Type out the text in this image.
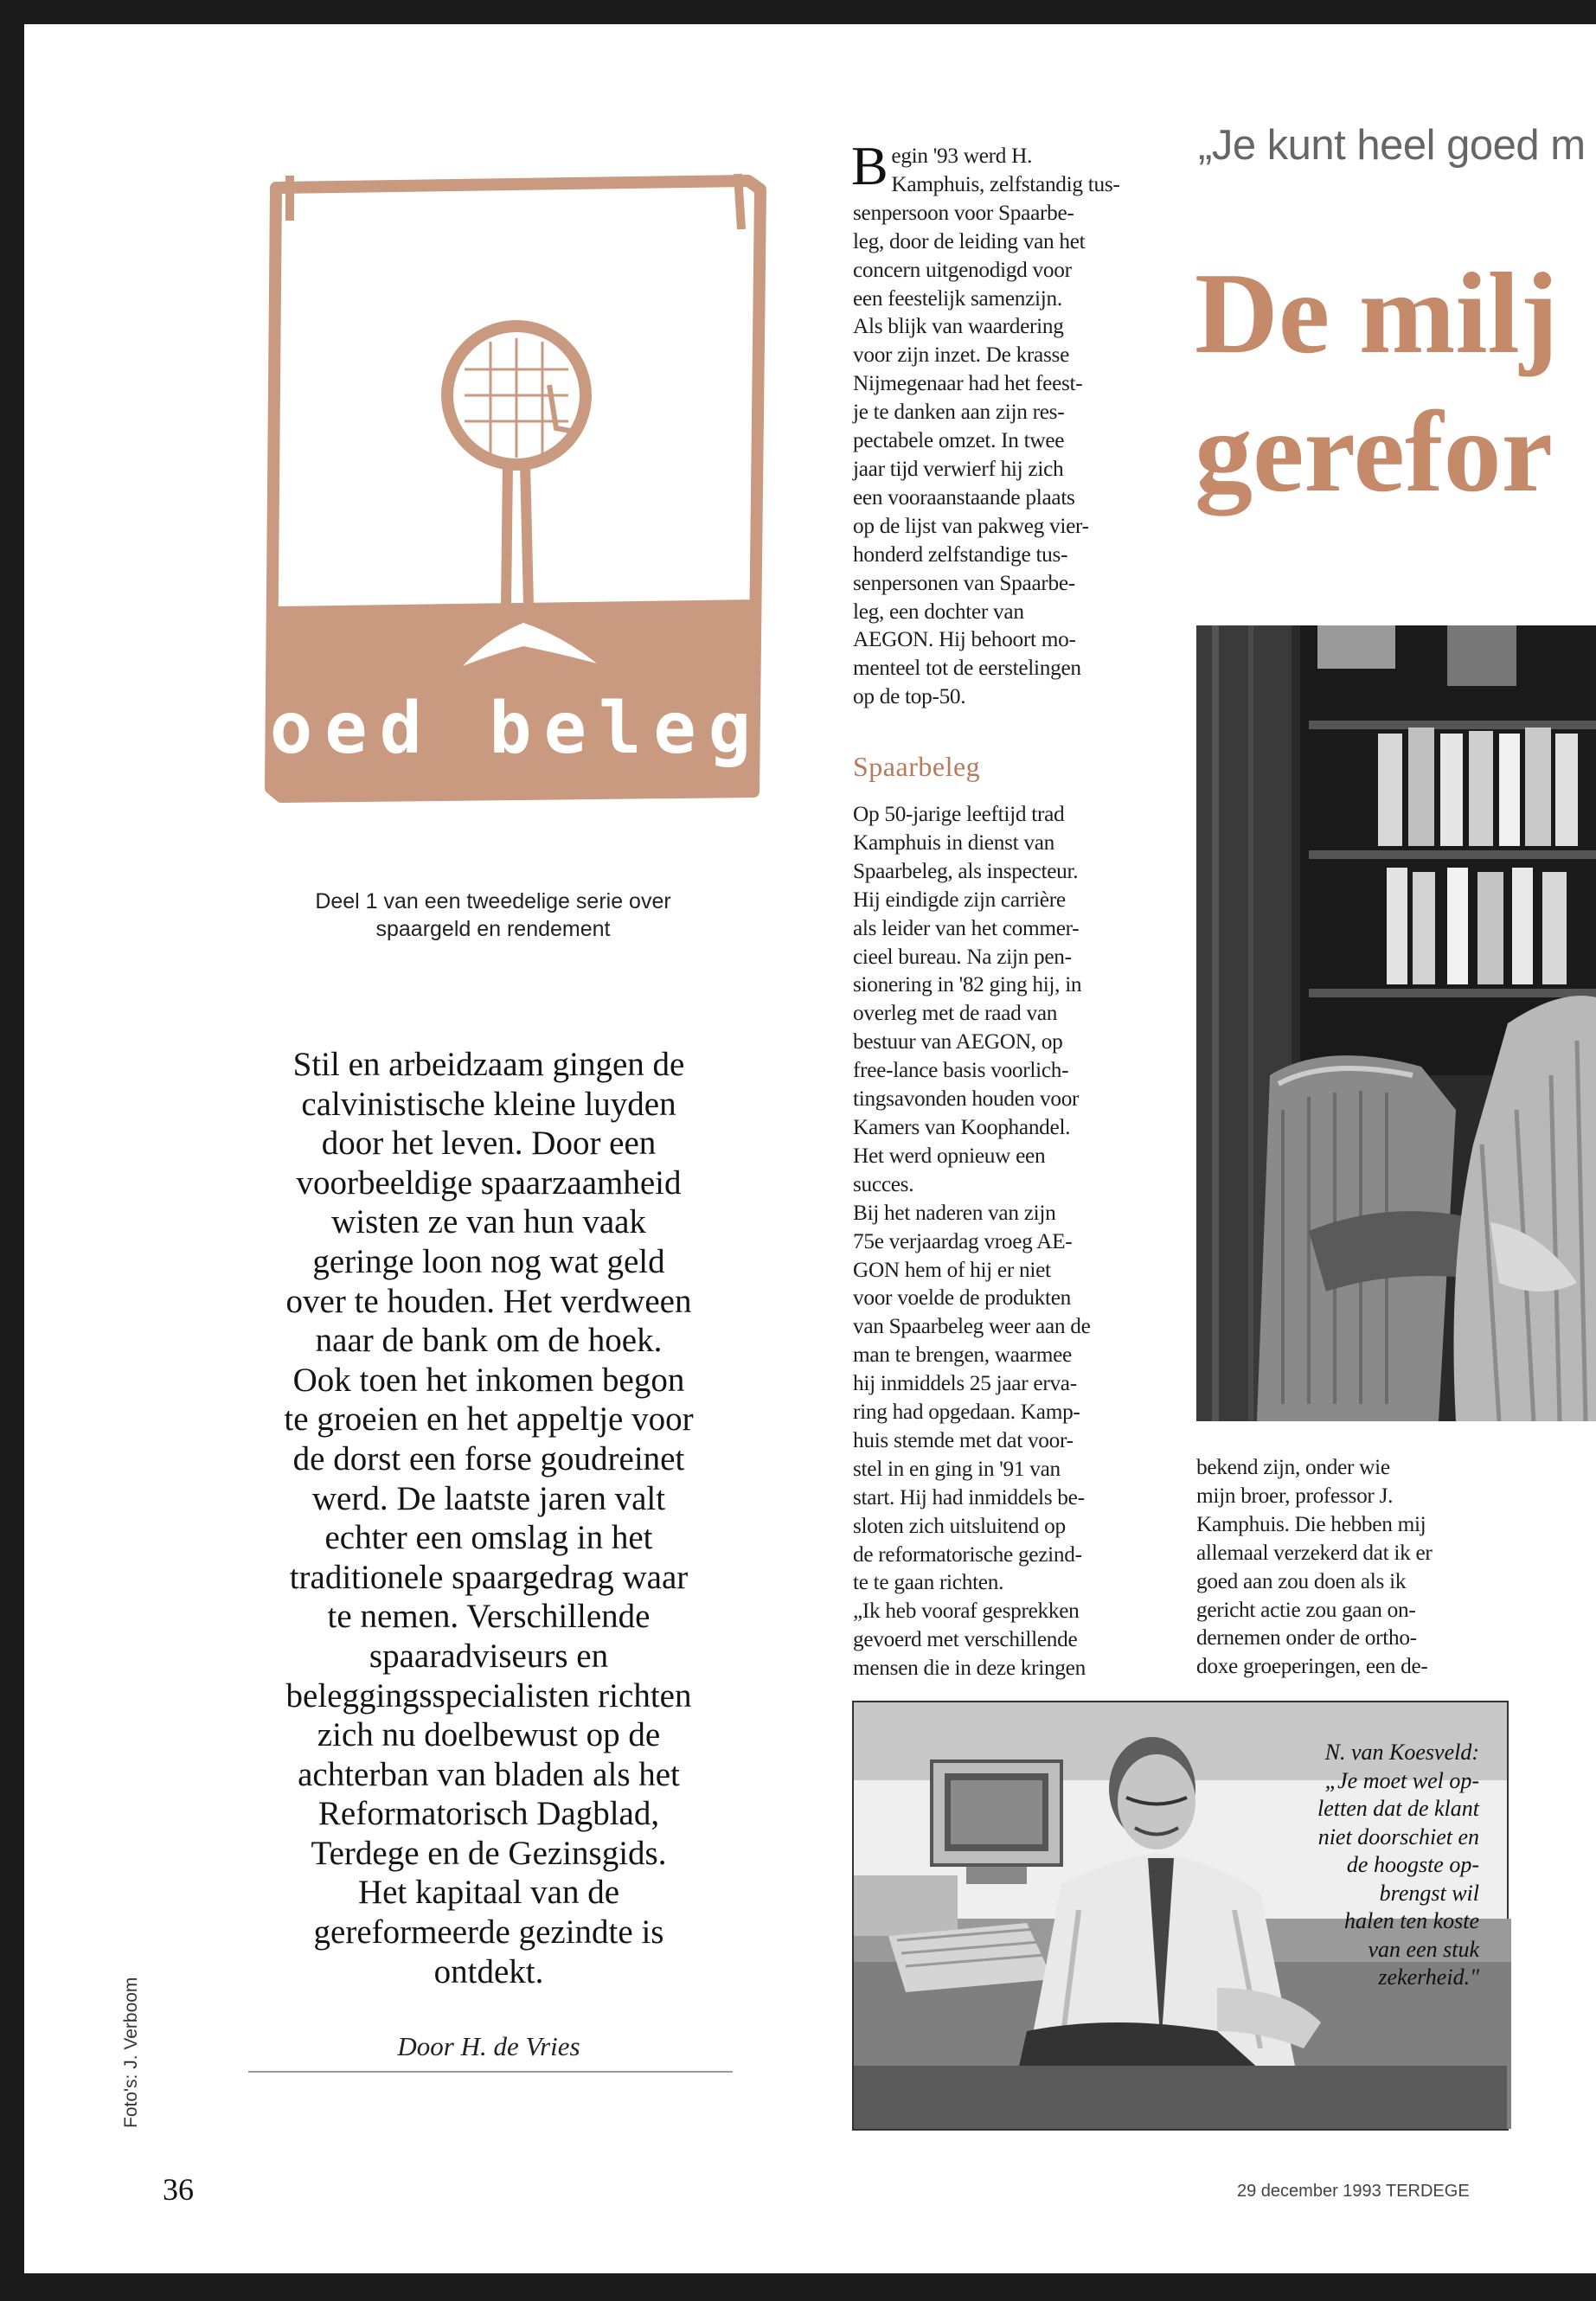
goed belegd
Deel 1 van een tweedelige serie over
spaargeld en rendement

Stil en arbeidzaam gingen de

calvinistische kleine luyden

door het leven. Door een

voorbeeldige spaarzaamheid

wisten ze van hun vaak

geringe loon nog wat geld

over te houden. Het verdween

naar de bank om de hoek.

Ook toen het inkomen begon

te groeien en het appeltje voor

de dorst een forse goudreinet

werd. De laatste jaren valt

echter een omslag in het

traditionele spaargedrag waar

te nemen. Verschillende

spaaradviseurs en

beleggingsspecialisten richten

zich nu doelbewust op de

achterban van bladen als het

Reformatorisch Dagblad,

Terdege en de Gezinsgids.

Het kapitaal van de

gereformeerde gezindte is

ontdekt.

Door H. de Vries
Foto's: J. Verboom
36	29 december 1993 TERDEGE

Begin '93 werd H.

Kamphuis, zelfstandig tus-

senpersoon voor Spaarbe-

leg, door de leiding van het

concern uitgenodigd voor

een feestelijk samenzijn.

Als blijk van waardering

voor zijn inzet. De krasse

Nijmegenaar had het feest-

je te danken aan zijn res-

pectabele omzet. In twee

jaar tijd verwierf hij zich

een vooraanstaande plaats

op de lijst van pakweg vier-

honderd zelfstandige tus-

senpersonen van Spaarbe-

leg, een dochter van

AEGON. Hij behoort mo-

menteel tot de eerstelingen

op de top-50.

Spaarbeleg

Op 50-jarige leeftijd trad

Kamphuis in dienst van

Spaarbeleg, als inspecteur.

Hij eindigde zijn carrière

als leider van het commer-

cieel bureau. Na zijn pen-

sionering in '82 ging hij, in

overleg met de raad van

bestuur van AEGON, op

free-lance basis voorlich-

tingsavonden houden voor

Kamers van Koophandel.

Het werd opnieuw een

succes.

Bij het naderen van zijn

75e verjaardag vroeg AE-

GON hem of hij er niet

voor voelde de produkten

van Spaarbeleg weer aan de

man te brengen, waarmee

hij inmiddels 25 jaar erva-

ring had opgedaan. Kamp-

huis stemde met dat voor-

stel in en ging in '91 van

start. Hij had inmiddels be-

sloten zich uitsluitend op

de reformatorische gezind-

te te gaan richten.

„Ik heb vooraf gesprekken

gevoerd met verschillende

mensen die in deze kringen

„Je kunt heel goed m
De milj
gerefor

bekend zijn, onder wie

mijn broer, professor J.

Kamphuis. Die hebben mij

allemaal verzekerd dat ik er

goed aan zou doen als ik

gericht actie zou gaan on-

dernemen onder de ortho-

doxe groeperingen, een de-

N. van Koesveld:

„Je moet wel op-

letten dat de klant

niet doorschiet en

de hoogste op-

brengst wil

halen ten koste

van een stuk

zekerheid."
